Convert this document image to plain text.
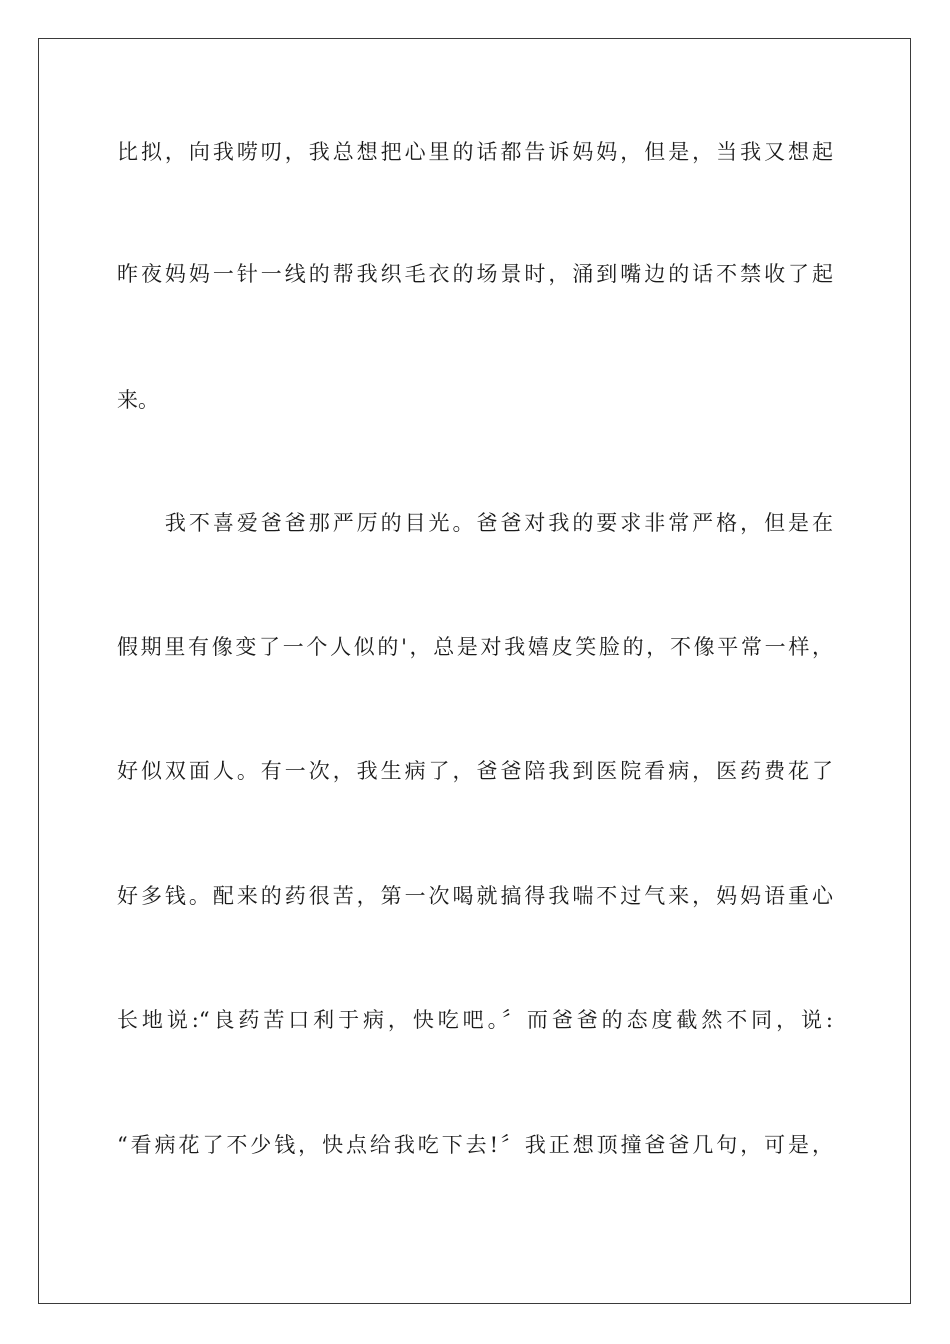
比拟，向我唠叨，我总想把心里的话都告诉妈妈，但是，当我又想起
昨夜妈妈一针一线的帮我织毛衣的场景时，涌到嘴边的话不禁收了起
来。
　　我不喜爱爸爸那严厉的目光。爸爸对我的要求非常严格，但是在
假期里有像变了一个人似的'，总是对我嬉皮笑脸的，不像平常一样，
好似双面人。有一次，我生病了，爸爸陪我到医院看病，医药费花了
好多钱。配来的药很苦，第一次喝就搞得我喘不过气来，妈妈语重心
长地说:“良药苦口利于病，快吃吧。〞而爸爸的态度截然不同，说:
“看病花了不少钱，快点给我吃下去!〞我正想顶撞爸爸几句，可是，
